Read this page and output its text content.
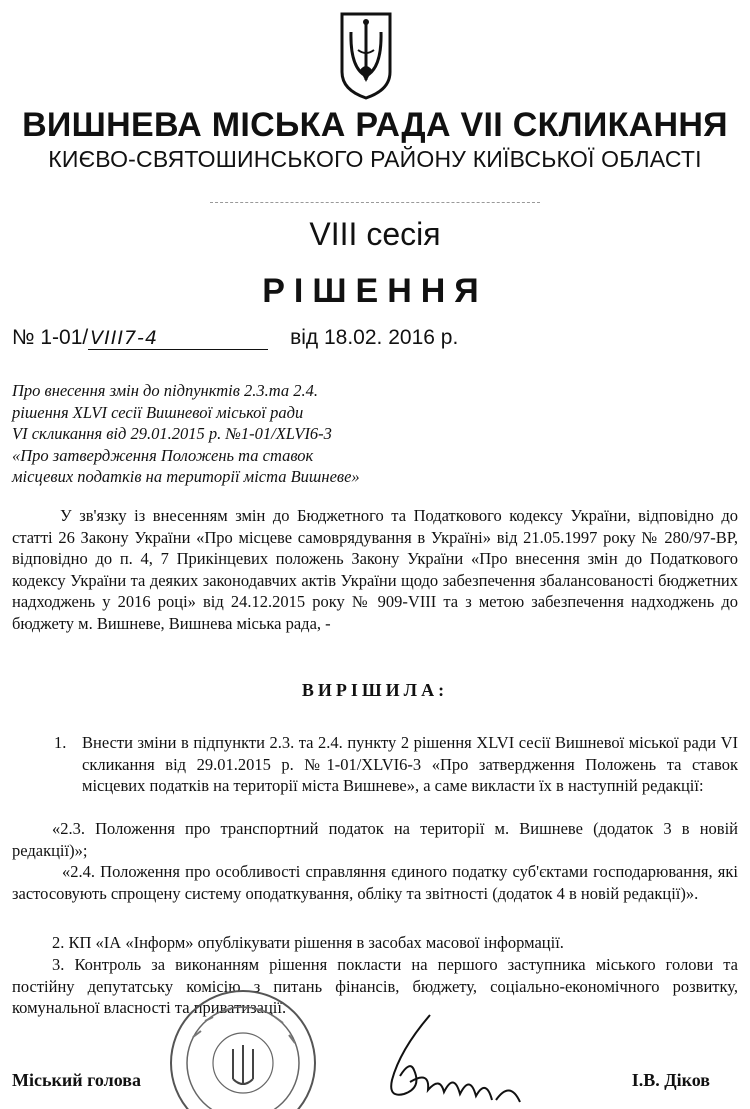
ВИШНЕВА МІСЬКА РАДА VII СКЛИКАННЯ
КИЄВО-СВЯТОШИНСЬКОГО РАЙОНУ КИЇВСЬКОЇ ОБЛАСТІ
VIII сесія
РІШЕННЯ
№ 1-01/ VIII7-4	від 18.02. 2016 р.
Про внесення змін до підпунктів 2.3.та 2.4.
рішення XLVI сесії Вишневої міської ради
VI скликання від 29.01.2015 р. №1-01/XLVI6-3
«Про затвердження Положень та ставок
місцевих податків на території міста Вишневе»
У зв'язку із внесенням змін до Бюджетного та Податкового кодексу України, відповідно до статті 26 Закону України «Про місцеве самоврядування в Україні» від 21.05.1997 року № 280/97-ВР, відповідно до п. 4, 7 Прикінцевих положень Закону України «Про внесення змін до Податкового кодексу України та деяких законодавчих актів України щодо забезпечення збалансованості бюджетних надходжень у 2016 році» від 24.12.2015 року № 909-VIII та з метою забезпечення надходжень до бюджету м. Вишневе, Вишнева міська рада, -
ВИРІШИЛА:
1. Внести зміни в підпункти 2.3. та 2.4. пункту 2 рішення XLVI сесії Вишневої міської ради VI скликання від 29.01.2015 р. №1-01/XLVI6-3 «Про затвердження Положень та ставок місцевих податків на території міста Вишневе», а саме викласти їх в наступній редакції:
«2.3. Положення про транспортний податок на території м. Вишневе (додаток 3 в новій редакції)»;
«2.4. Положення про особливості справляння єдиного податку суб'єктами господарювання, які застосовують спрощену систему оподаткування, обліку та звітності (додаток 4 в новій редакції)».
2. КП «ІА «Інформ» опублікувати рішення в засобах масової інформації.
3. Контроль за виконанням рішення покласти на першого заступника міського голови та постійну депутатську комісію з питань фінансів, бюджету, соціально-економічного розвитку, комунальної власності та приватизації.
Міський голова	І.В. Діков
